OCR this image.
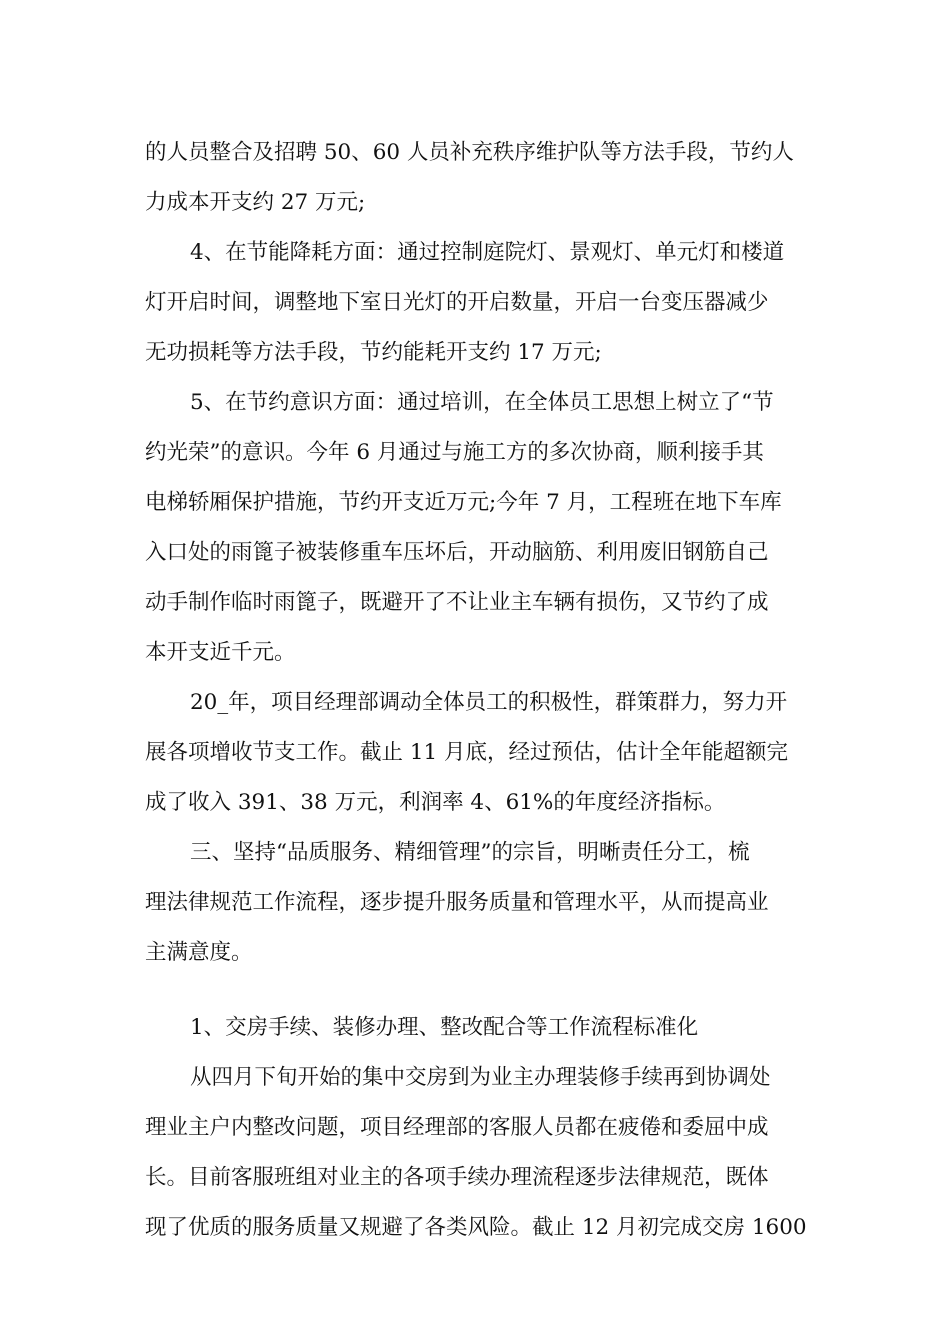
的人员整合及招聘 50、60 人员补充秩序维护队等方法手段，节约人
力成本开支约 27 万元;
4、在节能降耗方面：通过控制庭院灯、景观灯、单元灯和楼道
灯开启时间，调整地下室日光灯的开启数量，开启一台变压器减少
无功损耗等方法手段，节约能耗开支约 17 万元;
5、在节约意识方面：通过培训，在全体员工思想上树立了“节
约光荣”的意识。今年 6 月通过与施工方的多次协商，顺利接手其
电梯轿厢保护措施，节约开支近万元;今年 7 月，工程班在地下车库
入口处的雨篦子被装修重车压坏后，开动脑筋、利用废旧钢筋自己
动手制作临时雨篦子，既避开了不让业主车辆有损伤，又节约了成
本开支近千元。
20_年，项目经理部调动全体员工的积极性，群策群力，努力开
展各项增收节支工作。截止 11 月底，经过预估，估计全年能超额完
成了收入 391、38 万元，利润率 4、61%的年度经济指标。
三、坚持“品质服务、精细管理”的宗旨，明晰责任分工，梳
理法律规范工作流程，逐步提升服务质量和管理水平，从而提高业
主满意度。
1、交房手续、装修办理、整改配合等工作流程标准化
从四月下旬开始的集中交房到为业主办理装修手续再到协调处
理业主户内整改问题，项目经理部的客服人员都在疲倦和委屈中成
长。目前客服班组对业主的各项手续办理流程逐步法律规范，既体
现了优质的服务质量又规避了各类风险。截止 12 月初完成交房 1600
